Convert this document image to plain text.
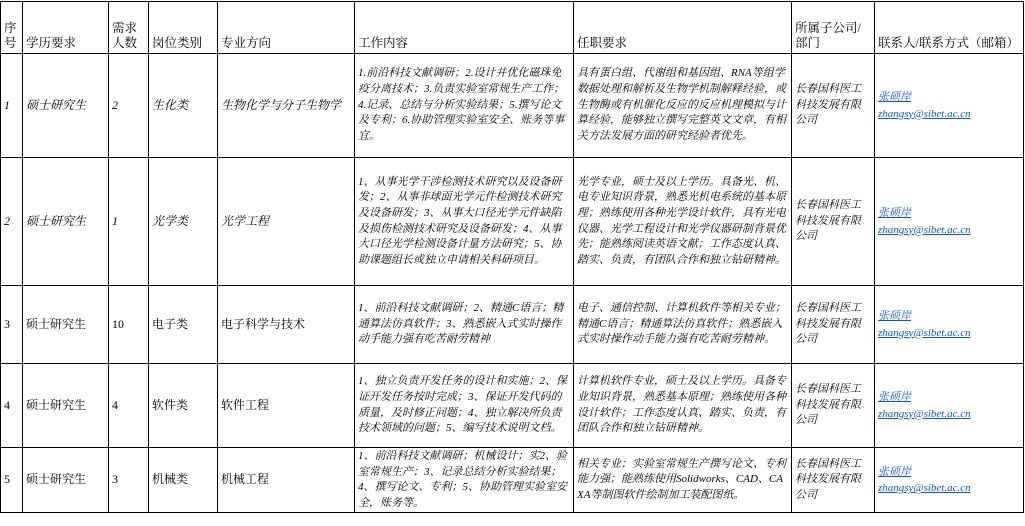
序号	学历要求	需求人数	岗位类别	专业方向	工作内容	任职要求	所属子公司/部门	联系人/联系方式（邮箱）
1	硕士研究生	2	生化类	生物化学与分子生物学	1.前沿科技文献调研；2.设计并优化磁珠免疫分离技术；3.负责实验室常规生产工作；4.记录、总结与分析实验结果；5.撰写论文及专利；6.协助管理实验室安全、账务等事宜。	具有蛋白组、代谢组和基因组、RNA等组学数据处理和解析及生物学机制解释经验，或生物酶或有机催化反应的反应机理模拟与计算经验，能够独立撰写完整英文文章，有相关方法发展方面的研究经验者优先。	长春国科医工科技发展有限公司	张硕岸
zhangsy@sibet.ac.cn
2	硕士研究生	1	光学类	光学工程	1、从事光学干涉检测技术研究以及设备研发；2、从事非球面光学元件检测技术研究及设备研发；3、从事大口径光学元件缺陷及损伤检测技术研究及设备研发；4、从事大口径光学检测设备计量方法研究；5、协助课题组长或独立申请相关科研项目。	光学专业，硕士及以上学历。具备光、机、电专业知识背景，熟悉光机电系统的基本原理；熟练使用各种光学设计软件，具有光电仪器、光学工程设计和光学仪器研制背景优先；能熟练阅读英语文献；工作态度认真、踏实、负责，有团队合作和独立钻研精神。	长春国科医工科技发展有限公司	张硕岸
zhangsy@sibet.ac.cn
3	硕士研究生	10	电子类	电子科学与技术	1、前沿科技文献调研；2、精通C语言；精通算法仿真软件；3、熟悉嵌入式实时操作动手能力强有吃苦耐劳精神	电子、通信控制、计算机软件等相关专业；精通C语言；精通算法仿真软件；熟悉嵌入式实时操作动手能力强有吃苦耐劳精神。	长春国科医工科技发展有限公司	张硕岸
zhangsy@sibet.ac.cn
4	硕士研究生	4	软件类	软件工程	1、独立负责开发任务的设计和实施；2、保证开发任务按时完成；3、保证开发代码的质量，及时修正问题；4、独立解决所负责技术领域的问题；5、编写技术说明文档。	计算机软件专业，硕士及以上学历。具备专业知识背景，熟悉基本原理；熟练使用各种设计软件；工作态度认真、踏实、负责，有团队合作和独立钻研精神。	长春国科医工科技发展有限公司	张硕岸
zhangsy@sibet.ac.cn
5	硕士研究生	3	机械类	机械工程	1、前沿科技文献调研；机械设计；实2、验室常规生产；3、记录总结分析实验结果；4、撰写论文、专利；5、协助管理实验室安全，账务等。	相关专业；实验室常规生产撰写论文、专利能力强；能熟练使用Solidworks、CAD、CAXA等制图软件绘制加工装配图纸。	长春国科医工科技发展有限公司	张硕岸
zhangsy@sibet.ac.cn
